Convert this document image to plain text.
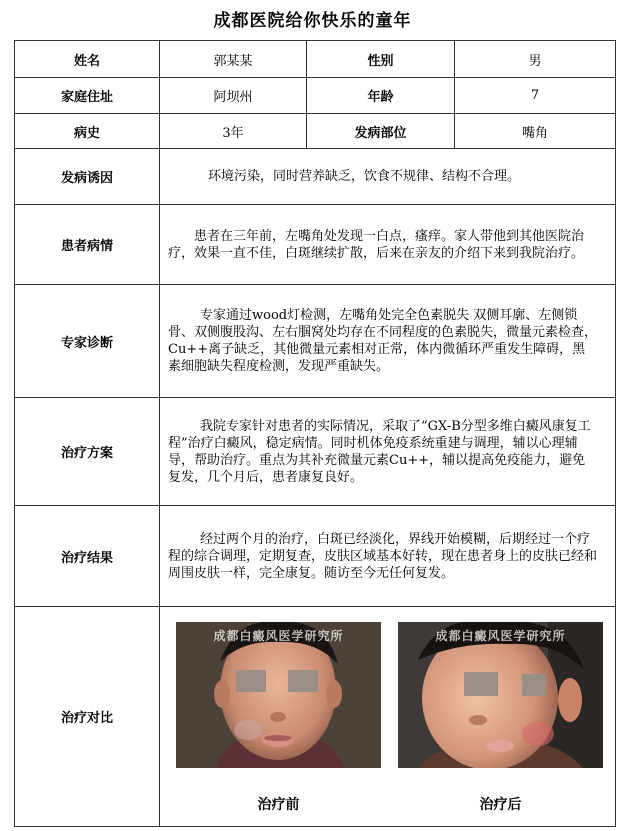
成都医院给你快乐的童年
姓名	郭某某	性别	男
家庭住址	阿坝州	年龄	7
病史	3年	发病部位	嘴角
发病诱因	环境污染，同时营养缺乏，饮食不规律、结构不合理。		
患者病情	患者在三年前，左嘴角处发现一白点，瘙痒。家人带他到其他医院治疗，效果一直不佳，白斑继续扩散，后来在亲友的介绍下来到我院治疗。		
专家诊断	专家通过wood灯检测，左嘴角处完全色素脱失 双侧耳廓、左侧锁骨、双侧腹股沟、左右腘窝处均存在不同程度的色素脱失，微量元素检查，Cu++离子缺乏，其他微量元素相对正常，体内微循环严重发生障碍，黑素细胞缺失程度检测，发现严重缺失。		
治疗方案	我院专家针对患者的实际情况，采取了“GX-B分型多维白癜风康复工程”治疗白癜风，稳定病情。同时机体免疫系统重建与调理，辅以心理辅导，帮助治疗。重点为其补充微量元素Cu++，辅以提高免疫能力，避免复发，几个月后，患者康复良好。		
治疗结果	经过两个月的治疗，白斑已经淡化，界线开始模糊，后期经过一个疗程的综合调理，定期复查，皮肤区域基本好转，现在患者身上的皮肤已经和周围皮肤一样，完全康复。随访至今无任何复发。		
治疗对比	成都白癜风医学研究所 成都白癜风医学研究所
治疗前 治疗后		
